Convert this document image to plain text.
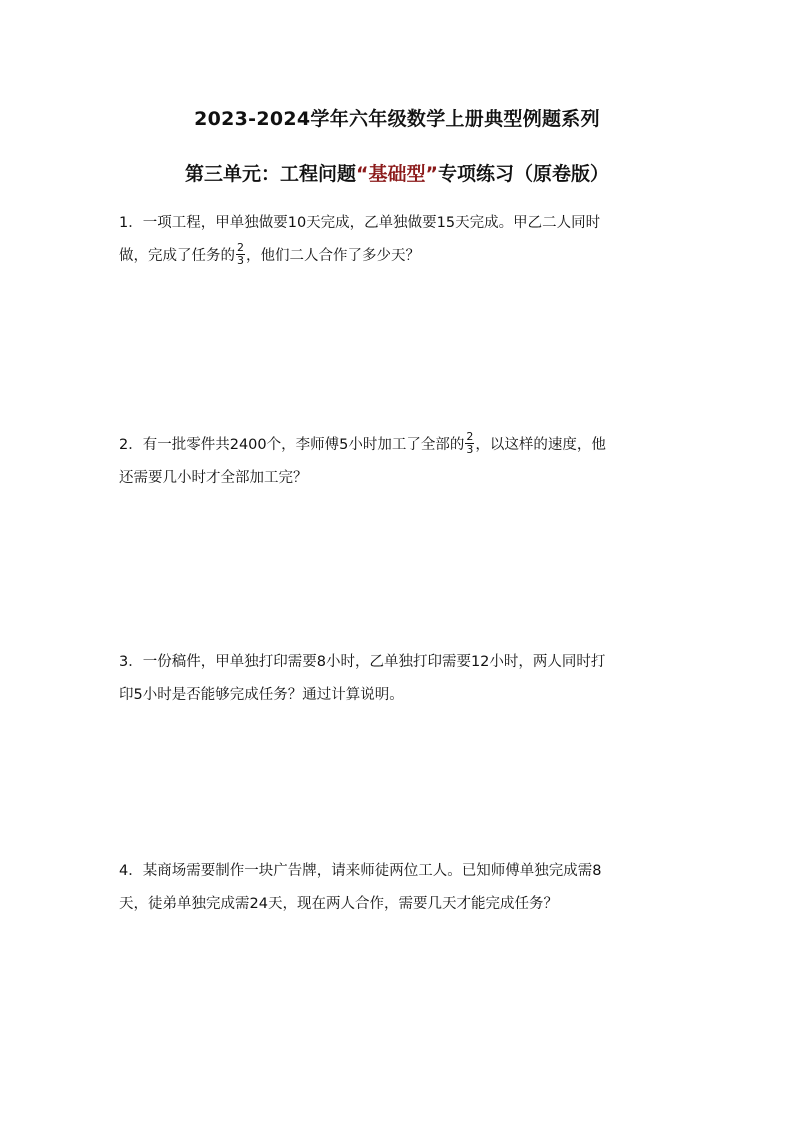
2023-2024学年六年级数学上册典型例题系列
第三单元：工程问题“基础型”专项练习（原卷版）
1．一项工程，甲单独做要10天完成，乙单独做要15天完成。甲乙二人同时
做，完成了任务的 $\frac{2}{3}$ ，他们二人合作了多少天？
2．有一批零件共2400个，李师傅5小时加工了全部的 $\frac{2}{3}$ ，以这样的速度，他
还需要几小时才全部加工完？
3．一份稿件，甲单独打印需要8小时，乙单独打印需要12小时，两人同时打
印5小时是否能够完成任务？通过计算说明。
4．某商场需要制作一块广告牌，请来师徒两位工人。已知师傅单独完成需8
天，徒弟单独完成需24天，现在两人合作，需要几天才能完成任务？
